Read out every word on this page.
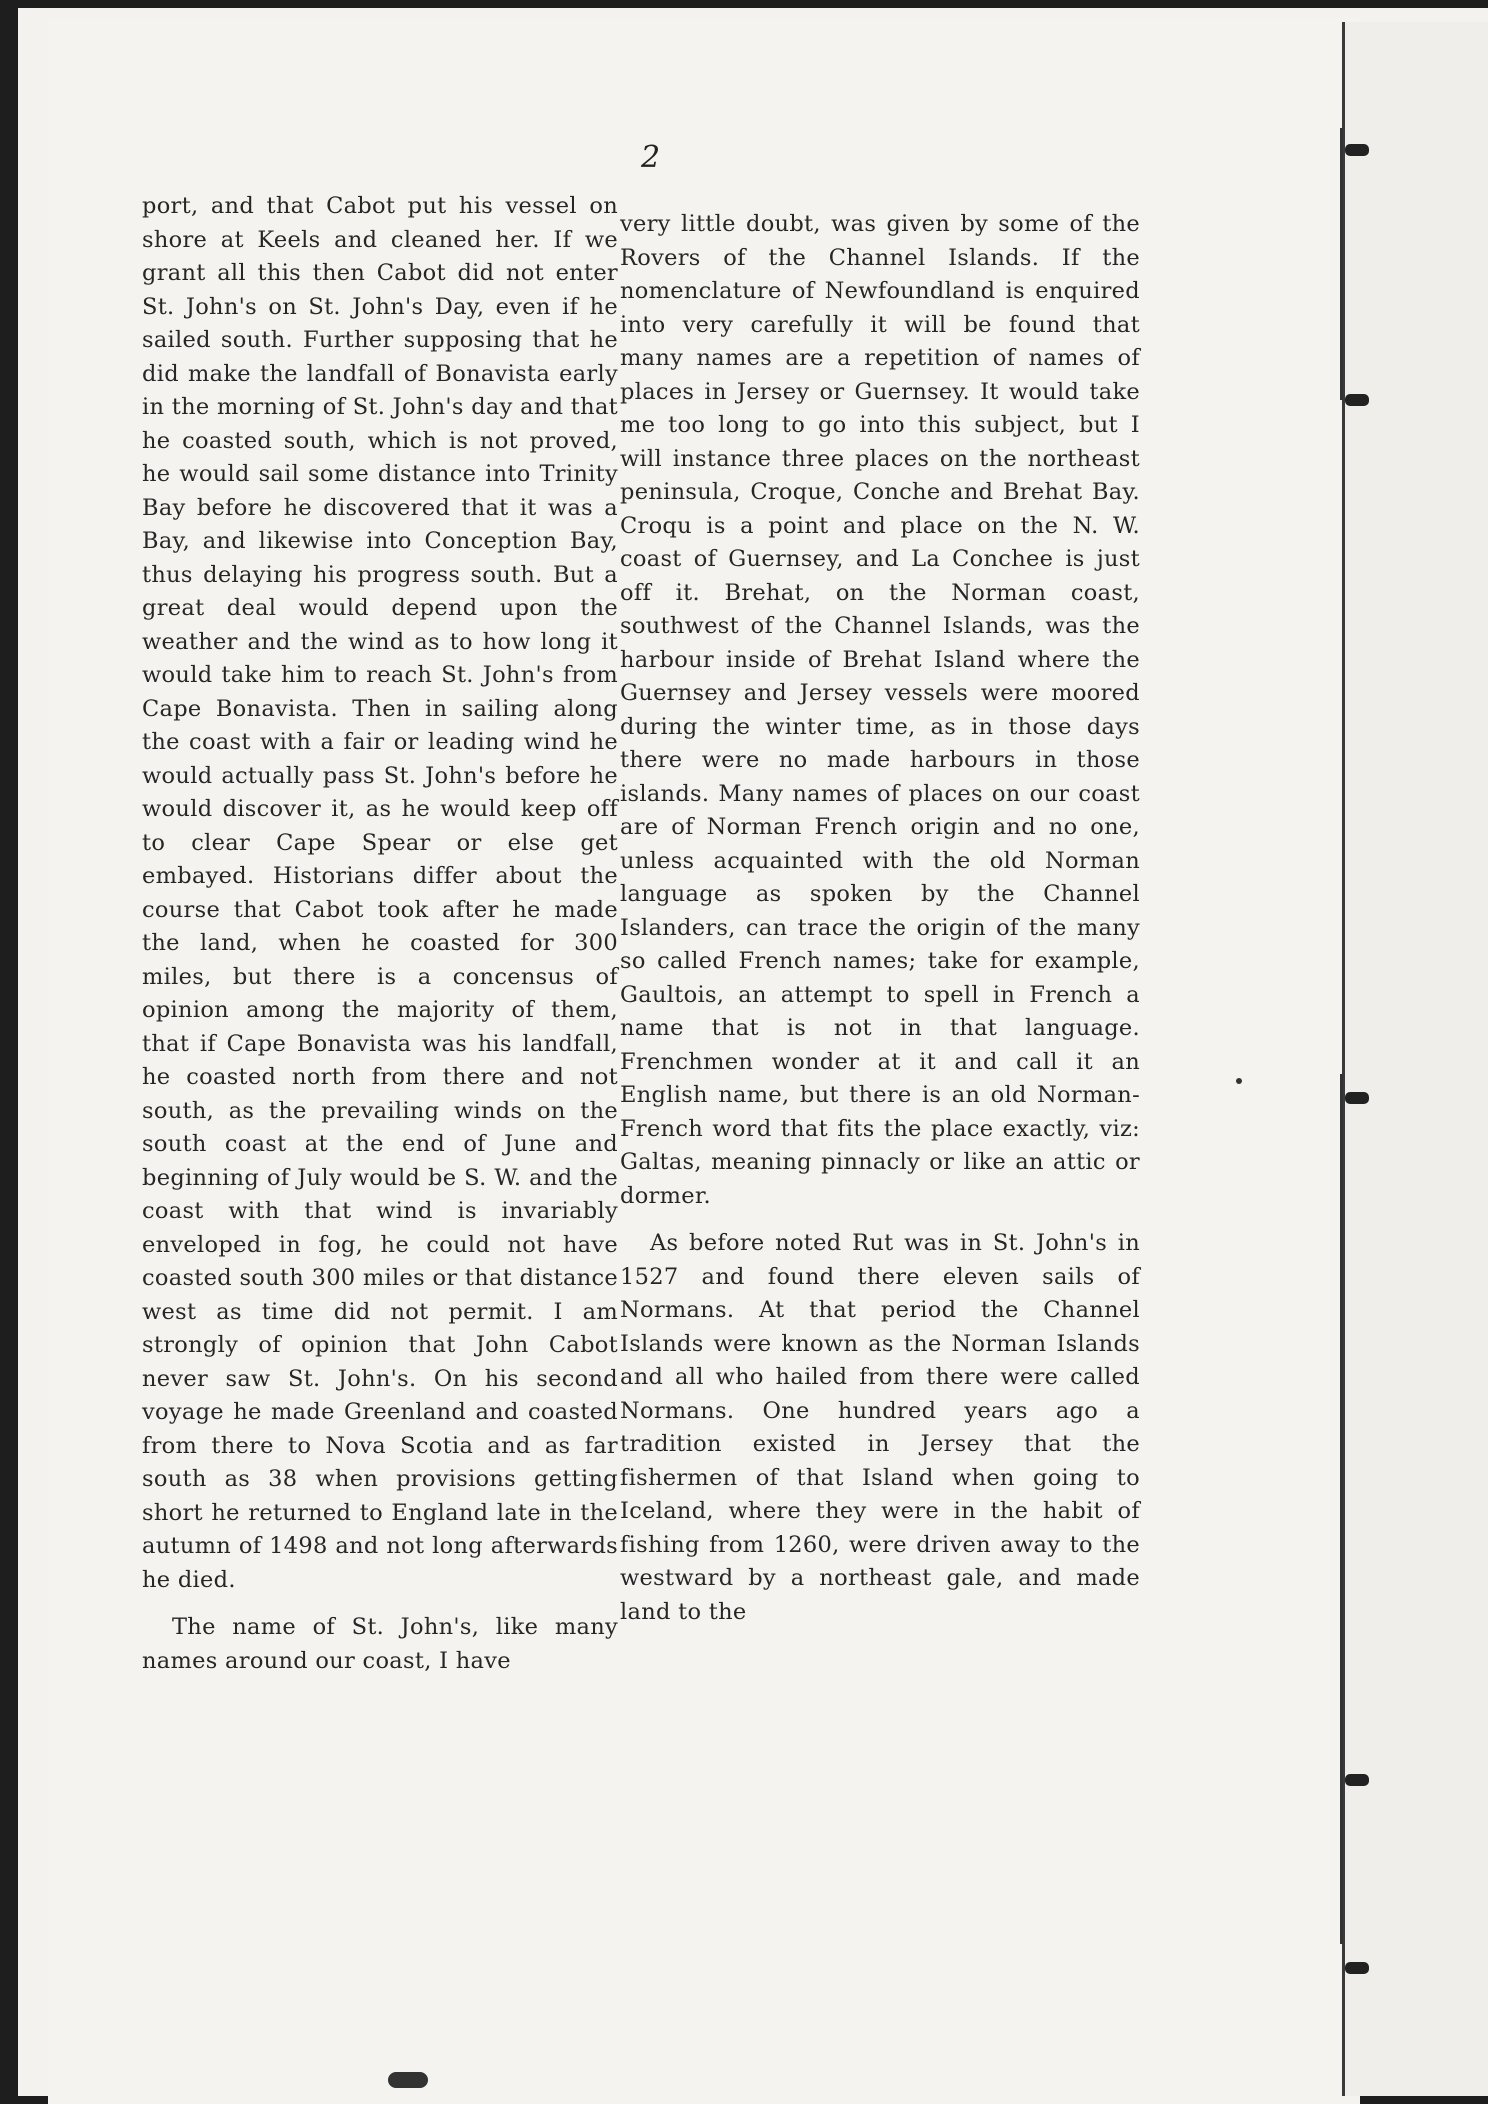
2

port, and that Cabot put his vessel on shore at Keels and cleaned her. If we grant all this then Cabot did not enter St. John's on St. John's Day, even if he sailed south. Further supposing that he did make the landfall of Bonavista early in the morning of St. John's day and that he coasted south, which is not proved, he would sail some distance into Trinity Bay before he discovered that it was a Bay, and likewise into Conception Bay, thus delaying his progress south. But a great deal would depend upon the weather and the wind as to how long it would take him to reach St. John's from Cape Bonavista. Then in sailing along the coast with a fair or leading wind he would actually pass St. John's before he would discover it, as he would keep off to clear Cape Spear or else get embayed. Historians differ about the course that Cabot took after he made the land, when he coasted for 300 miles, but there is a concensus of opinion among the majority of them, that if Cape Bonavista was his landfall, he coasted north from there and not south, as the prevailing winds on the south coast at the end of June and beginning of July would be S. W. and the coast with that wind is invariably enveloped in fog, he could not have coasted south 300 miles or that distance west as time did not permit. I am strongly of opinion that John Cabot never saw St. John's. On his second voyage he made Greenland and coasted from there to Nova Scotia and as far south as 38 when provisions getting short he returned to England late in the autumn of 1498 and not long afterwards he died.

The name of St. John's, like many names around our coast, I have

very little doubt, was given by some of the Rovers of the Channel Islands. If the nomenclature of Newfoundland is enquired into very carefully it will be found that many names are a repetition of names of places in Jersey or Guernsey. It would take me too long to go into this subject, but I will instance three places on the northeast peninsula, Croque, Conche and Brehat Bay. Croqu is a point and place on the N. W. coast of Guernsey, and La Conchee is just off it. Brehat, on the Norman coast, southwest of the Channel Islands, was the harbour inside of Brehat Island where the Guernsey and Jersey vessels were moored during the winter time, as in those days there were no made harbours in those islands. Many names of places on our coast are of Norman French origin and no one, unless acquainted with the old Norman language as spoken by the Channel Islanders, can trace the origin of the many so called French names; take for example, Gaultois, an attempt to spell in French a name that is not in that language. Frenchmen wonder at it and call it an English name, but there is an old Norman-French word that fits the place exactly, viz: Galtas, meaning pinnacly or like an attic or dormer.

As before noted Rut was in St. John's in 1527 and found there eleven sails of Normans. At that period the Channel Islands were known as the Norman Islands and all who hailed from there were called Normans. One hundred years ago a tradition existed in Jersey that the fishermen of that Island when going to Iceland, where they were in the habit of fishing from 1260, were driven away to the westward by a northeast gale, and made land to the
